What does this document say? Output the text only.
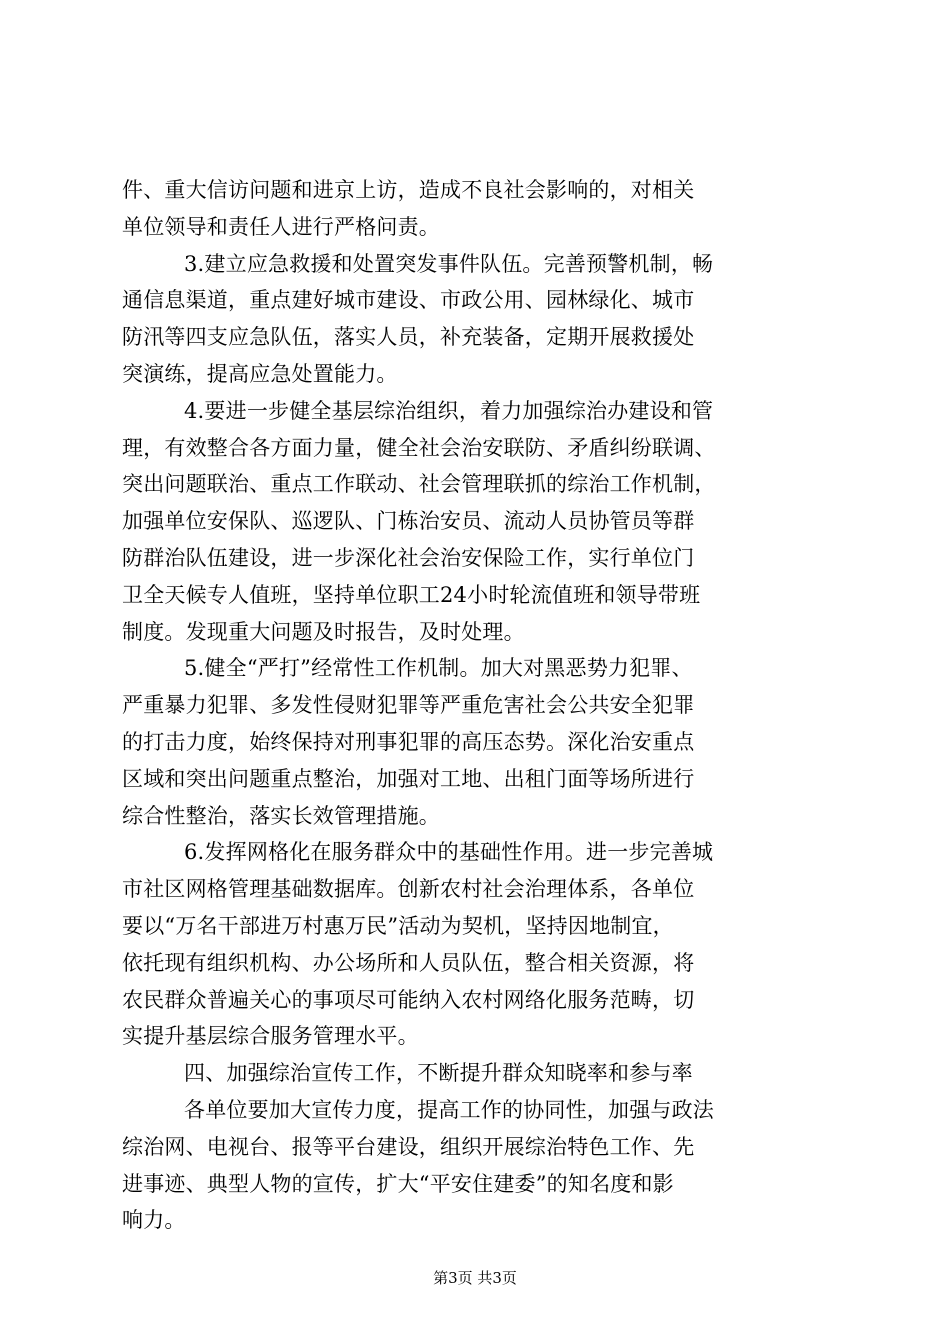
件、重大信访问题和进京上访，造成不良社会影响的，对相关
单位领导和责任人进行严格问责。
3.建立应急救援和处置突发事件队伍。完善预警机制，畅
通信息渠道，重点建好城市建设、市政公用、园林绿化、城市
防汛等四支应急队伍，落实人员，补充装备，定期开展救援处
突演练，提高应急处置能力。
4.要进一步健全基层综治组织，着力加强综治办建设和管
理，有效整合各方面力量，健全社会治安联防、矛盾纠纷联调、
突出问题联治、重点工作联动、社会管理联抓的综治工作机制，
加强单位安保队、巡逻队、门栋治安员、流动人员协管员等群
防群治队伍建设，进一步深化社会治安保险工作，实行单位门
卫全天候专人值班，坚持单位职工24小时轮流值班和领导带班
制度。发现重大问题及时报告，及时处理。
5.健全“严打”经常性工作机制。加大对黑恶势力犯罪、
严重暴力犯罪、多发性侵财犯罪等严重危害社会公共安全犯罪
的打击力度，始终保持对刑事犯罪的高压态势。深化治安重点
区域和突出问题重点整治，加强对工地、出租门面等场所进行
综合性整治，落实长效管理措施。
6.发挥网格化在服务群众中的基础性作用。进一步完善城
市社区网格管理基础数据库。创新农村社会治理体系，各单位
要以“万名干部进万村惠万民”活动为契机，坚持因地制宜，
依托现有组织机构、办公场所和人员队伍，整合相关资源，将
农民群众普遍关心的事项尽可能纳入农村网络化服务范畴，切
实提升基层综合服务管理水平。
四、加强综治宣传工作，不断提升群众知晓率和参与率
各单位要加大宣传力度，提高工作的协同性，加强与政法
综治网、电视台、报等平台建设，组织开展综治特色工作、先
进事迹、典型人物的宣传，扩大“平安住建委”的知名度和影
响力。
第3页 共3页
